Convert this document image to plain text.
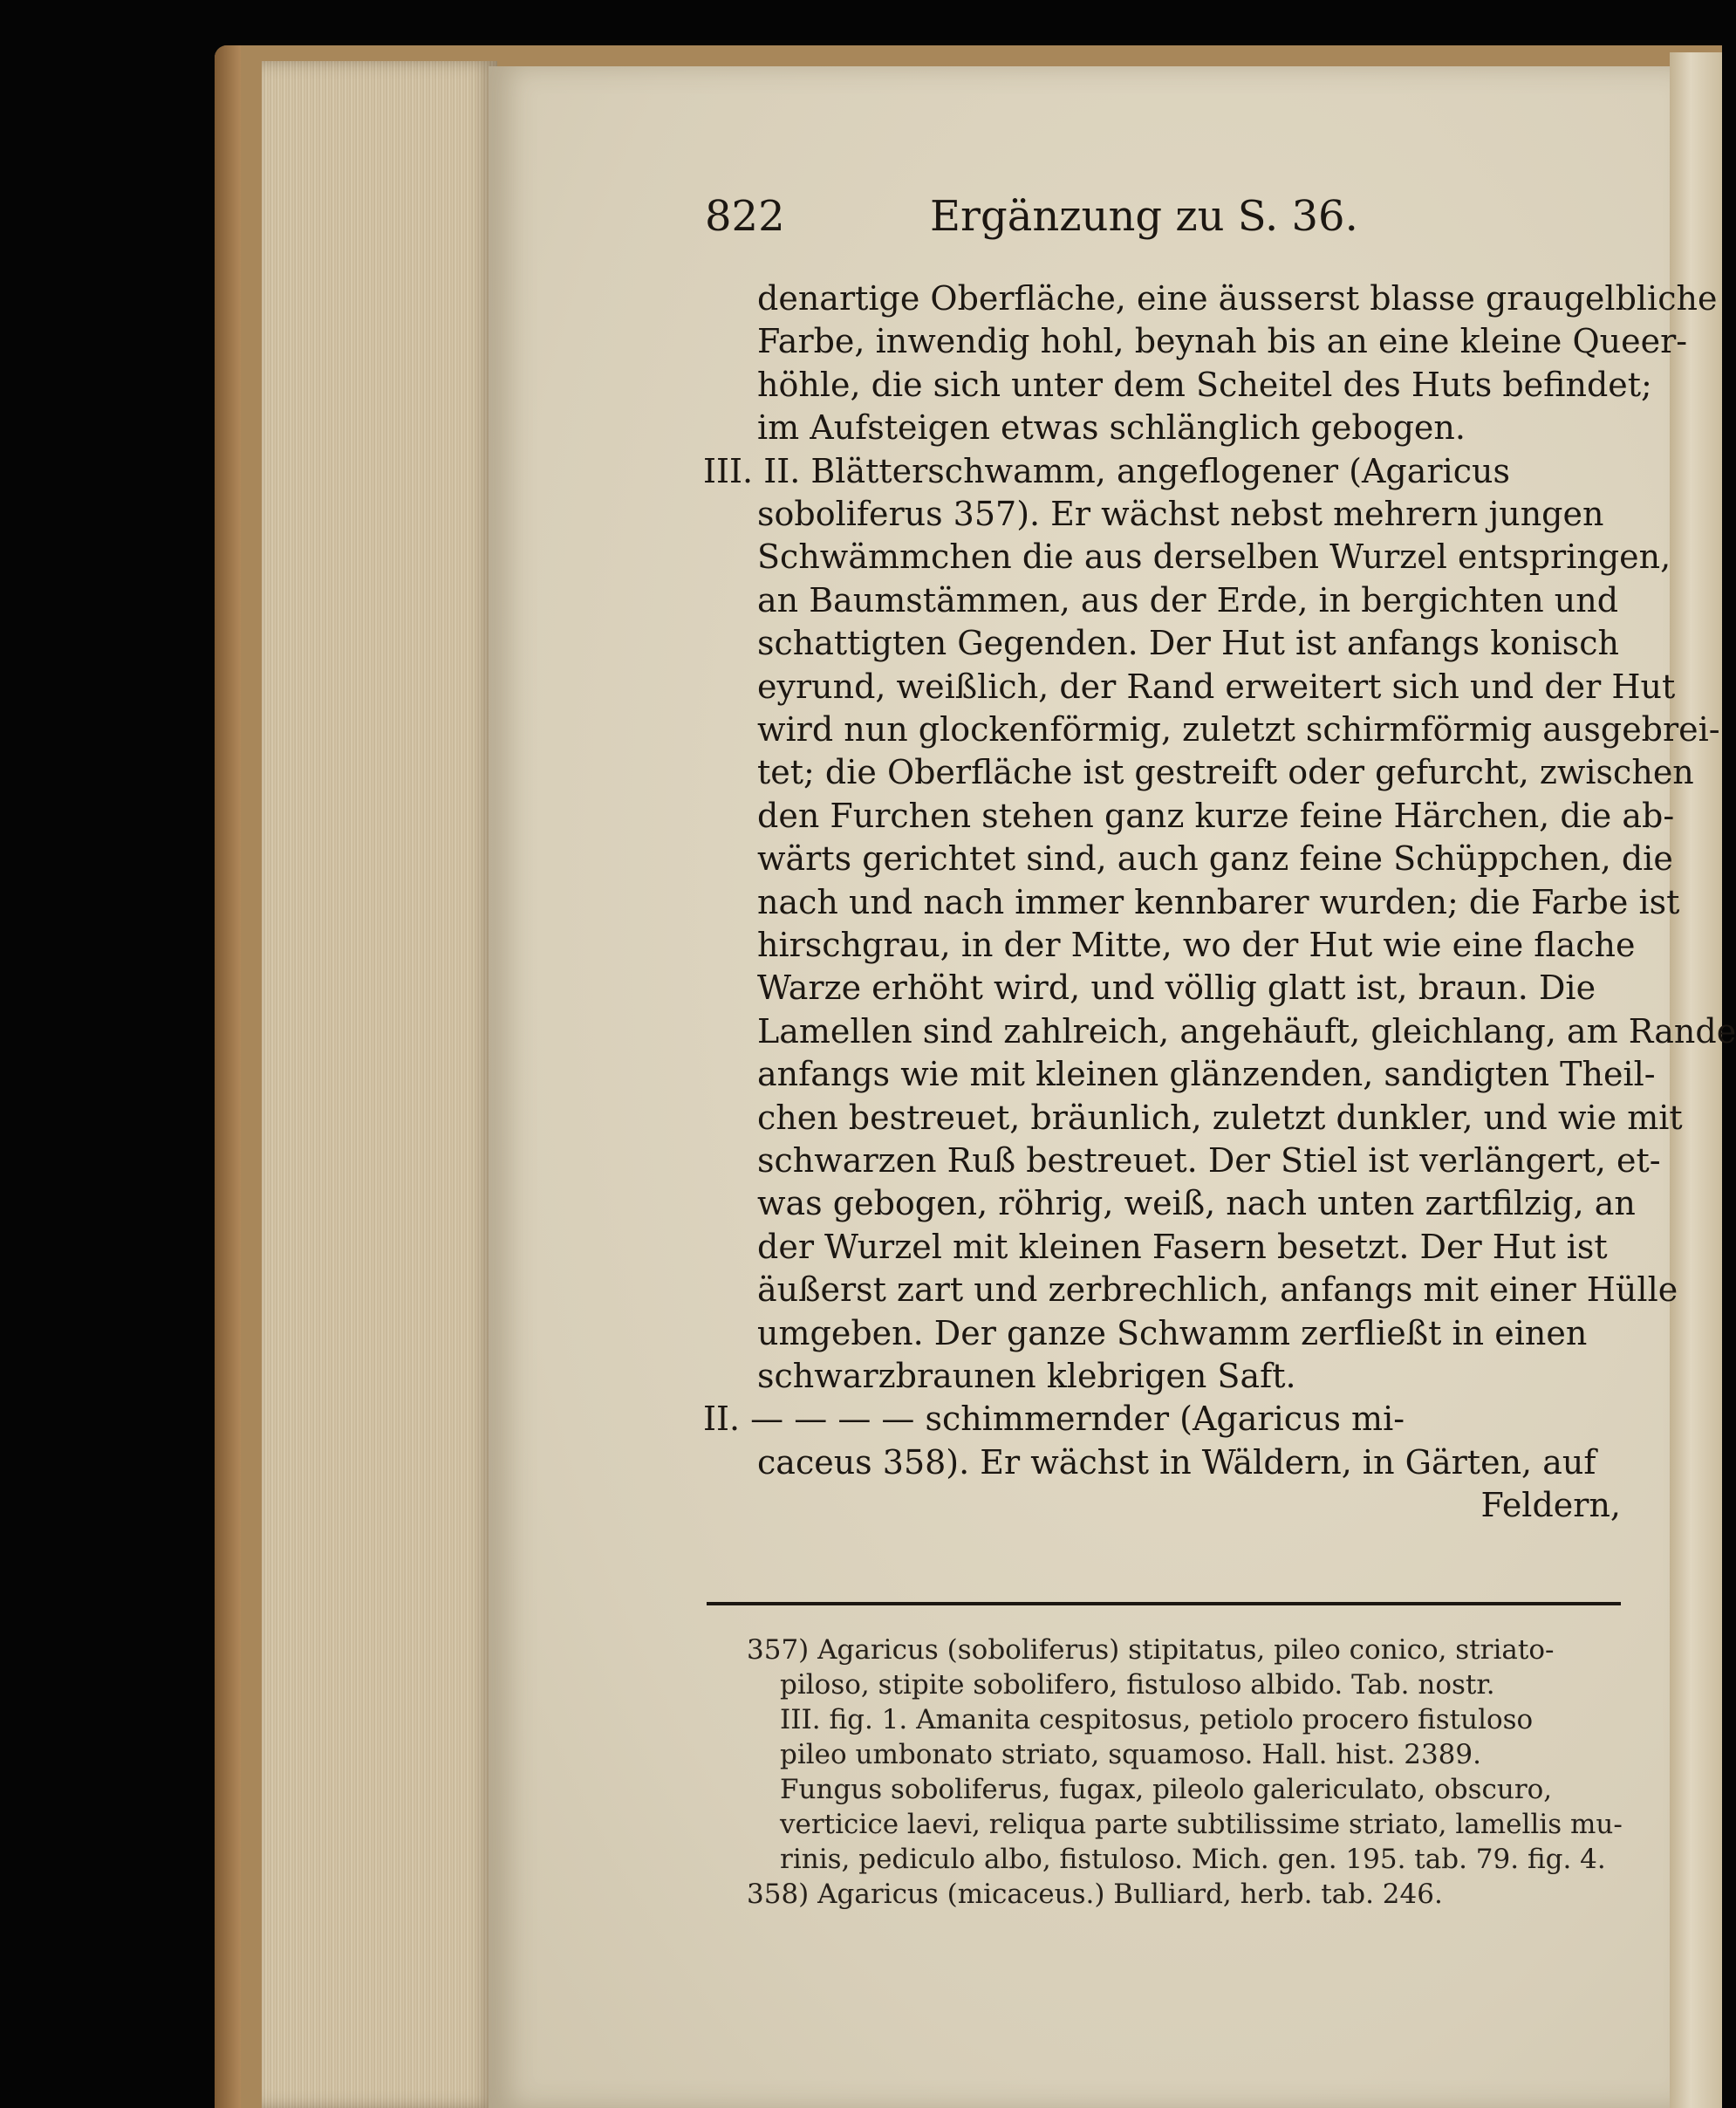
822	Ergänzung zu S. 36.
denartige Oberfläche, eine äusserst blasse graugelbliche
Farbe, inwendig hohl, beynah bis an eine kleine Queer-
höhle, die sich unter dem Scheitel des Huts befindet;
im Aufsteigen etwas schlänglich gebogen.
III. II. Blätterschwamm, angeflogener (Agaricus
soboliferus 357). Er wächst nebst mehrern jungen
Schwämmchen die aus derselben Wurzel entspringen,
an Baumstämmen, aus der Erde, in bergichten und
schattigten Gegenden. Der Hut ist anfangs konisch
eyrund, weißlich, der Rand erweitert sich und der Hut
wird nun glockenförmig, zuletzt schirmförmig ausgebrei-
tet; die Oberfläche ist gestreift oder gefurcht, zwischen
den Furchen stehen ganz kurze feine Härchen, die ab-
wärts gerichtet sind, auch ganz feine Schüppchen, die
nach und nach immer kennbarer wurden; die Farbe ist
hirschgrau, in der Mitte, wo der Hut wie eine flache
Warze erhöht wird, und völlig glatt ist, braun. Die
Lamellen sind zahlreich, angehäuft, gleichlang, am Rande
anfangs wie mit kleinen glänzenden, sandigten Theil-
chen bestreuet, bräunlich, zuletzt dunkler, und wie mit
schwarzen Ruß bestreuet. Der Stiel ist verlängert, et-
was gebogen, röhrig, weiß, nach unten zartfilzig, an
der Wurzel mit kleinen Fasern besetzt. Der Hut ist
äußerst zart und zerbrechlich, anfangs mit einer Hülle
umgeben. Der ganze Schwamm zerfließt in einen
schwarzbraunen klebrigen Saft.
II. — — — — schimmernder (Agaricus mi-
caceus 358). Er wächst in Wäldern, in Gärten, auf
Feldern,
357) Agaricus (soboliferus) stipitatus, pileo conico, striato-
piloso, stipite sobolifero, fistuloso albido. Tab. nostr.
III. fig. 1. Amanita cespitosus, petiolo procero fistuloso
pileo umbonato striato, squamoso. Hall. hist. 2389.
Fungus soboliferus, fugax, pileolo galericulato, obscuro,
verticice laevi, reliqua parte subtilissime striato, lamellis mu-
rinis, pediculo albo, fistuloso. Mich. gen. 195. tab. 79. fig. 4.
358) Agaricus (micaceus.) Bulliard, herb. tab. 246.
